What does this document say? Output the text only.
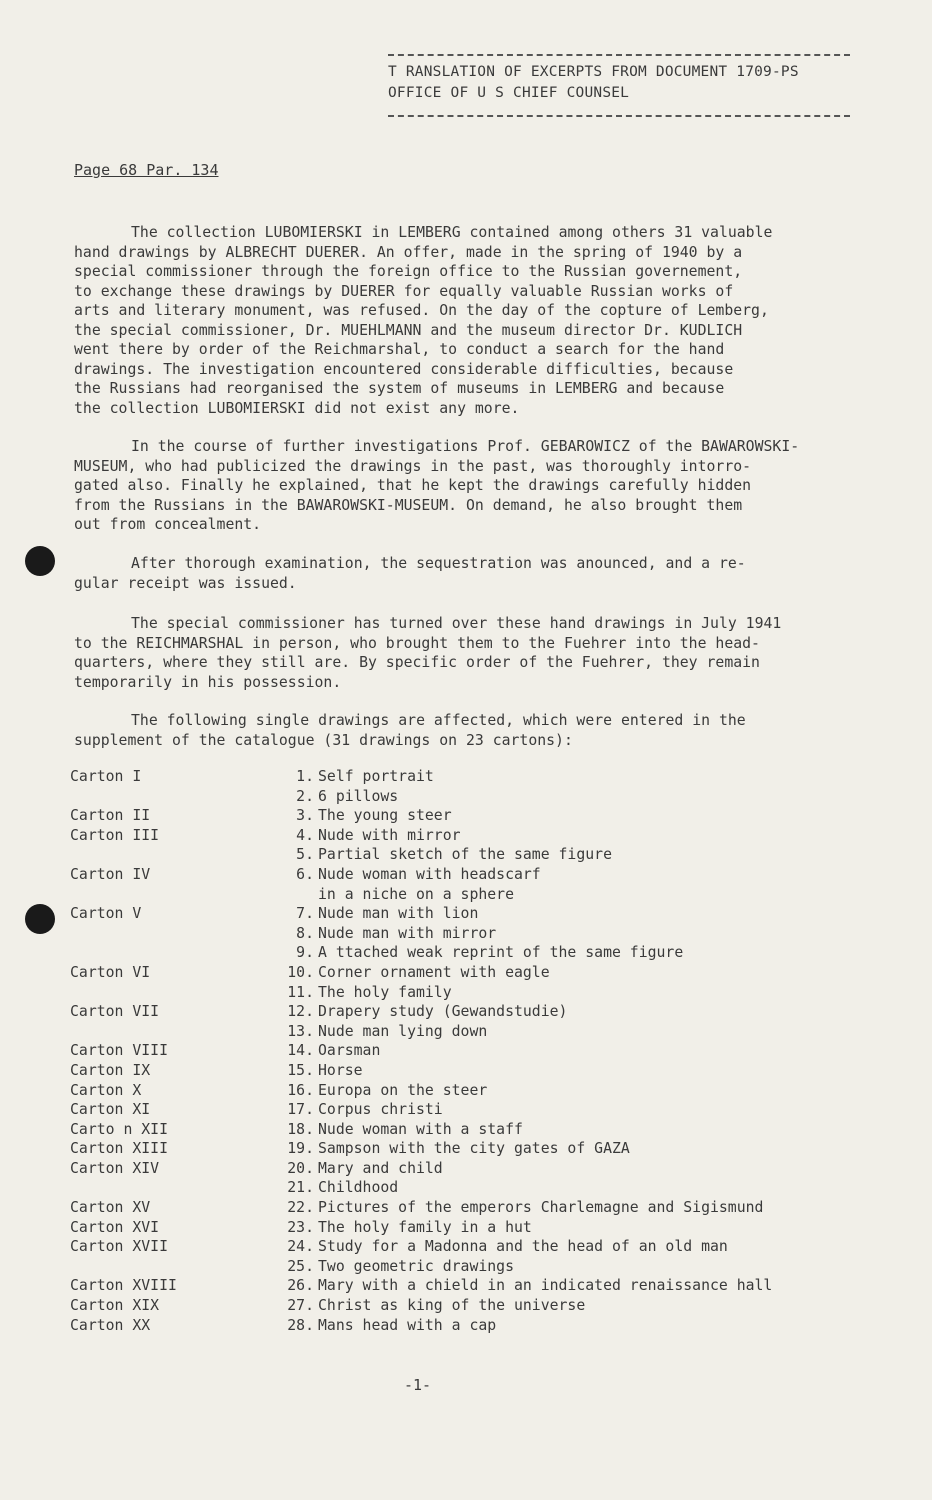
T RANSLATION OF EXCERPTS FROM DOCUMENT 1709-PS
OFFICE OF U S CHIEF COUNSEL
Page 68 Par. 134
The collection LUBOMIERSKI in LEMBERG contained among others 31 valuable
hand drawings by ALBRECHT DUERER. An offer, made in the spring of 1940 by a
special commissioner through the foreign office to the Russian governement,
to exchange these drawings by DUERER for equally valuable Russian works of
arts and literary monument, was refused. On the day of the copture of Lemberg,
the special commissioner, Dr. MUEHLMANN and the museum director Dr. KUDLICH
went there by order of the Reichmarshal, to conduct a search for the hand
drawings. The investigation encountered considerable difficulties, because
the Russians had reorganised the system of museums in LEMBERG and because
the collection LUBOMIERSKI did not exist any more.
In the course of further investigations Prof. GEBAROWICZ of the BAWAROWSKI-
MUSEUM, who had publicized the drawings in the past, was thoroughly intorro-
gated also. Finally he explained, that he kept the drawings carefully hidden
from the Russians in the BAWAROWSKI-MUSEUM. On demand, he also brought them
out from concealment.
After thorough examination, the sequestration was anounced, and a re-
gular receipt was issued.
The special commissioner has turned over these hand drawings in July 1941
to the REICHMARSHAL in person, who brought them to the Fuehrer into the head-
quarters, where they still are. By specific order of the Fuehrer, they remain
temporarily in his possession.
The following single drawings are affected, which were entered in the
supplement of the catalogue (31 drawings on 23 cartons):
Carton I	1. Self portrait
2. 6 pillows
Carton II	3. The young steer
Carton III	4. Nude with mirror
5. Partial sketch of the same figure
Carton IV	6. Nude woman with headscarf
in a niche on a sphere
Carton V	7. Nude man with lion
8. Nude man with mirror
9. A ttached weak reprint of the same figure
Carton VI	10. Corner ornament with eagle
11. The holy family
Carton VII	12. Drapery study (Gewandstudie)
13. Nude man lying down
Carton VIII	14. Oarsman
Carton IX	15. Horse
Carton X	16. Europa on the steer
Carton XI	17. Corpus christi
Carto n XII	18. Nude woman with a staff
Carton XIII	19. Sampson with the city gates of GAZA
Carton XIV	20. Mary and child
21. Childhood
Carton XV	22. Pictures of the emperors Charlemagne and Sigismund
Carton XVI	23. The holy family in a hut
Carton XVII	24. Study for a Madonna and the head of an old man
25. Two geometric drawings
Carton XVIII	26. Mary with a chield in an indicated renaissance hall
Carton XIX	27. Christ as king of the universe
Carton XX	28. Mans head with a cap
-1-
